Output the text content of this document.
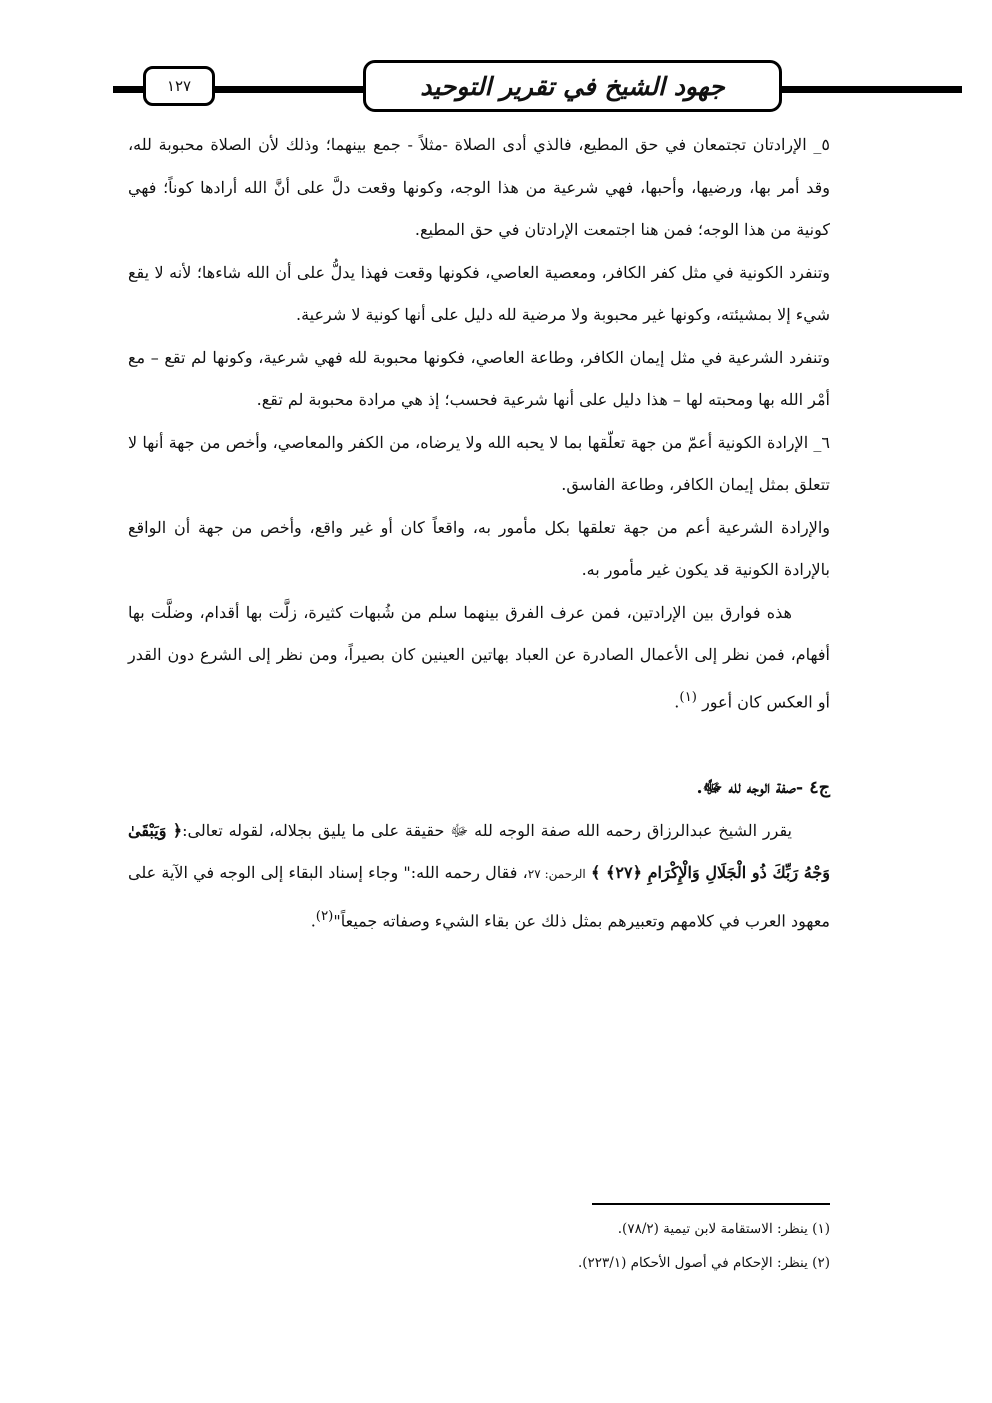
١٢٧	جهود الشيخ في تقرير التوحيد

٥_ الإرادتان تجتمعان في حق المطيع، فالذي أدى الصلاة -مثلاً - جمع بينهما؛ وذلك لأن الصلاة محبوبة لله، وقد أمر بها، ورضيها، وأحبها، فهي شرعية من هذا الوجه، وكونها وقعت دلَّ على أنَّ الله أرادها كوناً؛ فهي كونية من هذا الوجه؛ فمن هنا اجتمعت الإرادتان في حق المطيع.

وتنفرد الكونية في مثل كفر الكافر، ومعصية العاصي، فكونها وقعت فهذا يدلُّ على أن الله شاءها؛ لأنه لا يقع شيء إلا بمشيئته، وكونها غير محبوبة ولا مرضية لله دليل على أنها كونية لا شرعية.

وتنفرد الشرعية في مثل إيمان الكافر، وطاعة العاصي، فكونها محبوبة لله فهي شرعية، وكونها لم تقع – مع أمْر الله بها ومحبته لها – هذا دليل على أنها شرعية فحسب؛ إذ هي مرادة محبوبة لم تقع.

٦_ الإرادة الكونية أعمّ من جهة تعلّقها بما لا يحبه الله ولا يرضاه، من الكفر والمعاصي، وأخص من جهة أنها لا تتعلق بمثل إيمان الكافر، وطاعة الفاسق.

والإرادة الشرعية أعم من جهة تعلقها بكل مأمور به، واقعاً كان أو غير واقع، وأخص من جهة أن الواقع بالإرادة الكونية قد يكون غير مأمور به.

هذه فوارق بين الإرادتين، فمن عرف الفرق بينهما سلم من شُبهات كثيرة، زلَّت بها أقدام، وضلَّت بها أفهام، فمن نظر إلى الأعمال الصادرة عن العباد بهاتين العينين كان بصيراً، ومن نظر إلى الشرع دون القدر أو العكس كان أعور $^{(١)}$.

ج٤ -صفة الوجه لله ﷻ.

يقرر الشيخ عبدالرزاق رحمه الله صفة الوجه لله ﷻ حقيقة على ما يليق بجلاله، لقوله تعالى:﴿ وَيَبْقَىٰ وَجْهُ رَبِّكَ ذُو الْجَلَالِ وَالْإِكْرَامِ ﴿٢٧﴾ ﴾ الرحمن: ٢٧، فقال رحمه الله:" وجاء إسناد البقاء إلى الوجه في الآية على معهود العرب في كلامهم وتعبيرهم بمثل ذلك عن بقاء الشيء وصفاته جميعاً"$^{(٢)}$.

(١) ينظر: الاستقامة لابن تيمية (٧٨/٢).

(٢) ينظر: الإحكام في أصول الأحكام (٢٢٣/١).
